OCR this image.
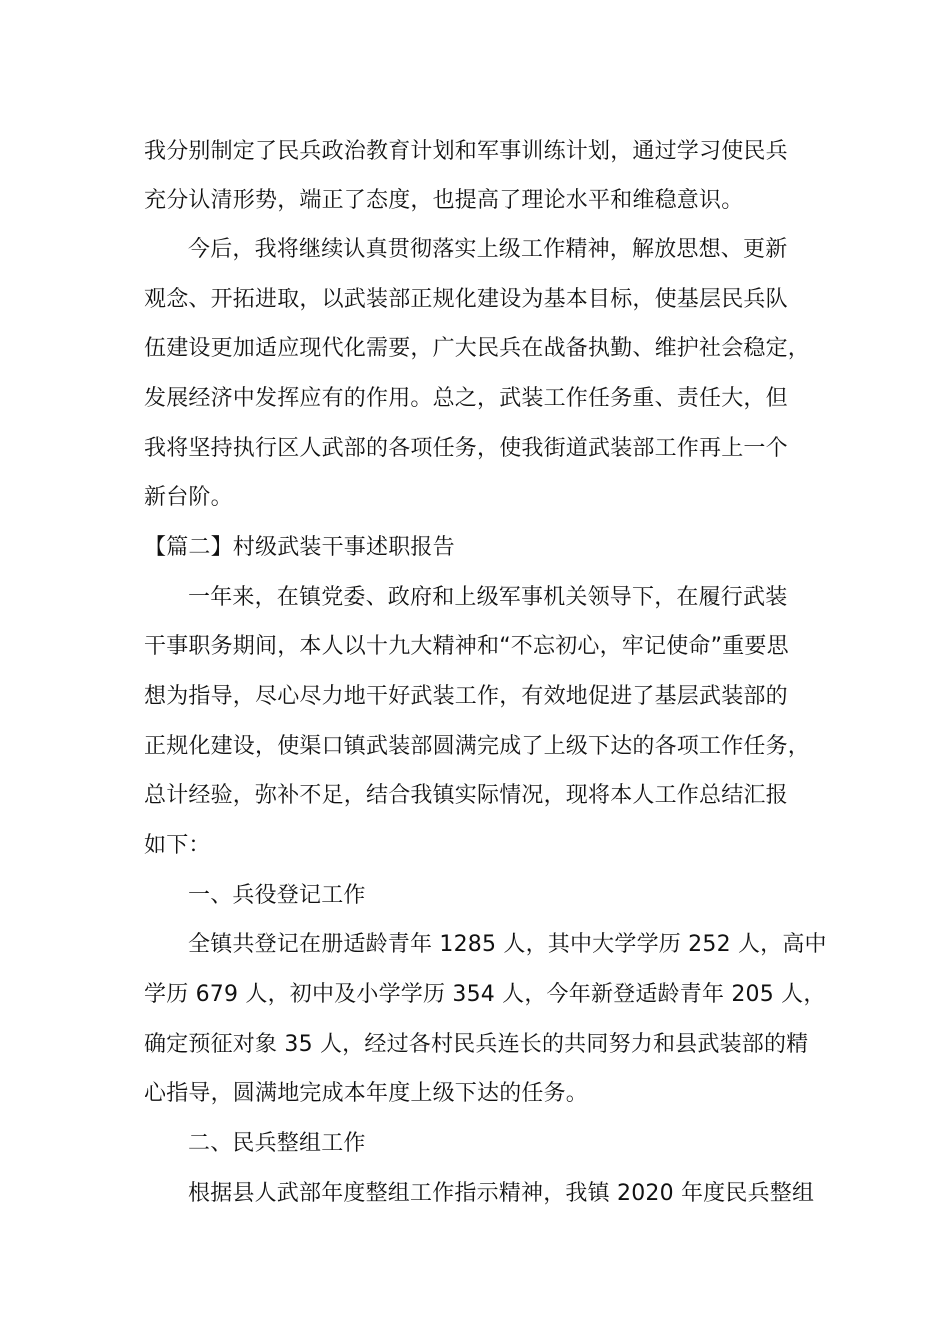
我分别制定了民兵政治教育计划和军事训练计划，通过学习使民兵
充分认清形势，端正了态度，也提高了理论水平和维稳意识。
今后，我将继续认真贯彻落实上级工作精神，解放思想、更新
观念、开拓进取，以武装部正规化建设为基本目标，使基层民兵队
伍建设更加适应现代化需要，广大民兵在战备执勤、维护社会稳定，
发展经济中发挥应有的作用。总之，武装工作任务重、责任大，但
我将坚持执行区人武部的各项任务，使我街道武装部工作再上一个
新台阶。
【篇二】村级武装干事述职报告
一年来，在镇党委、政府和上级军事机关领导下，在履行武装
干事职务期间，本人以十九大精神和“不忘初心，牢记使命”重要思
想为指导，尽心尽力地干好武装工作，有效地促进了基层武装部的
正规化建设，使渠口镇武装部圆满完成了上级下达的各项工作任务，
总计经验，弥补不足，结合我镇实际情况，现将本人工作总结汇报
如下：
一、兵役登记工作
全镇共登记在册适龄青年 1285 人，其中大学学历 252 人，高中
学历 679 人，初中及小学学历 354 人，今年新登适龄青年 205 人，
确定预征对象 35 人，经过各村民兵连长的共同努力和县武装部的精
心指导，圆满地完成本年度上级下达的任务。
二、民兵整组工作
根据县人武部年度整组工作指示精神，我镇 2020 年度民兵整组
